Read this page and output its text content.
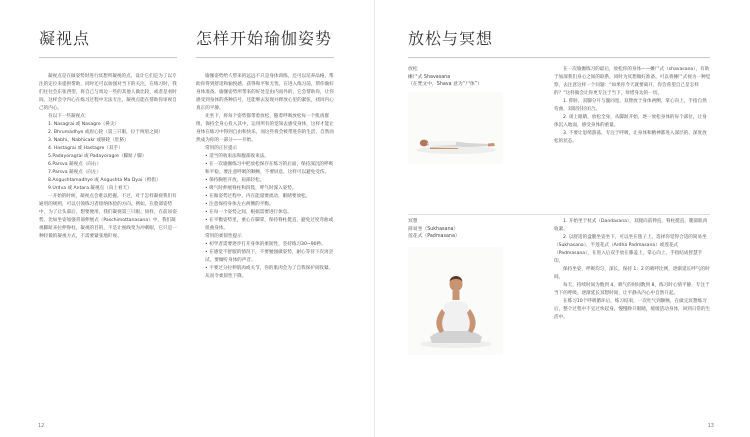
凝视点

凝视点是在做姿势时进行冥想所凝视的点，设计它们是为了以专注的定位来提供帮助，同时还可以加强对当下的关注。在练习时，我们往往会东张西望，将自己与周边一些的其他人做比较，或者是看时间。这样会令内心在练习过程中无法专注，凝视点能在帮助你审视自己的内心。

有以下一些凝视点：

1. Nasagrai 或 Nasagre（鼻尖）

2. Bhrumadhye 或眉心轮（第三只眼，位于两眉之间）

3. Nabhi、Nabhicakr 或脐轮（肚脐）

4. Hastagrai 或 Hastagre（双手）

5.Padayoragrai 或 Padayoragre（脚趾 / 脚）

6.Parsva 凝视点（向右）

7.Parsva 凝视点（向左）

8.Angushtamadhye 或 Angushta Ma Dyai（拇指）

9.Urdva 或 Antara 凝视点（向上看天）

一开始的时候，凝视点会难以把握。不过，对于怎样凝视我们有通用的规则，可以引领练习者接纳体验的方向。例如，在脸部姿势中，为了让头部后，想要便用，我们凝视第三只眼。同样，在前屈姿势，比如坐姿加强背部伸展式（Paschimottanasana）中，我们凝视脚趾来拉伸脊柱。凝视的目的，不是让视线变为冲刺眼，它只是一种轻微的凝视方式，不需要紧张地盯视。

怎样开始瑜伽姿势

瑜伽姿势给人带来的远远不只是身体训练，还可以培养品格，帮助你得到舒适和愉悦感，获得和平和无忧，在进入练习前，帮你做好身体准备。瑜伽姿势所带来的好处是由内而外的，它会帮助你，让你感受到身体的各种信号，还能够去发现并释放心里的紧张，找回内心真正的平静。

先坐下，将每个姿势都带着放松，随着呼吸放松每一个肌肉群组，保持全身心投入其中，运用所有的觉知去感受身体，这样才能让身体在练习中得到自由和快乐，而这些将会被带进你的生活，自然而然成为你的一部分——开始。

常用的正位提示

• 适当的收束法和腹部收束法。

• 在一次瑜伽练习中把放松保存在练习的后面，保持深沉的呼吸和平稳。要注意呼吸的顺畅，不要屏息，这样可以避免受伤。

• 保持胸腔开放，肩部轻松。

• 吸气时伸展脊柱和四肢，呼气时深入姿势。

• 在做姿势过程中，内在能量要流动，眼睛要放松。

• 注意保持身体左右两侧的平衡。

• 在每一个姿势之间，根据需要进行休息。

• 在平衡姿势里，重心在脚掌，保持脊柱挺直，避免过度弯曲或扭曲身体。

常用的柔韧性提示

• 初学者需要逐步打开身体的柔韧性，坚持练习30~90秒。

• 在感觉不舒服的情况下，不要勉强做姿势，耐心等待下次再尝试，要倾听身体的声音。

• 不要过分拉伸肌肉或关节，你的肌肉会为了自我保护而收紧。

从而令柔韧性下降。

12
放松与冥想
放松
摊尸式 Shavasana
（在梵文中，Shava 意为“尸体”）

在一次瑜伽练习的最后，放松你的身体——摊尸式（shavasana），有助于加深我们身心之间的联系，同时为冥想做好准备。可以将摊尸式视为一种觉察，去注意这样一个问题：“如果你今天就要离开，你会希望自己是怎样的？”这样做会让你更专注于当下，珍惜身边的一切。

1. 仰卧，双脚分开与髋同宽，双臂放于身体两侧，掌心向上，手指自然弯曲，双眼轻轻闭合。

2. 闭上眼睛，放松全身，从脚趾开始，逐一放松身体的每个部位，让身体沉入地面，感受身体的重量。

3. 不要让思绪游荡，专注于呼吸，让身体和精神都进入深层的、深度放松的状态。

冥想
简易坐（Sukhasana）
莲花式（Padmasana）

1. 开始坐于杖式（Dandasana），双腿向前伸直，脊柱挺直，腿部肌肉收紧。

2. 以舒适的盘腿坐姿坐下，可以坐在毯子上，选择你觉得合适的简易坐（Sukhasana）、半莲花式（Ardha Padmasana）或莲花式（Padmasana），在进入后双手放在膝盖上，掌心向上，手指结成智慧手印。

保持坐姿，呼吸均匀，深长，保持 1：2 的吸呼比例，逐渐延长呼气的时间。

每天，持续时间为数到 4，吸气的时间数到 8，练习时心情平静，专注于当下的呼吸。逐渐延长冥想时间，让平静从内心中自然升起。

在练习10个呼吸循环后，练习结束，一次吐气到顺畅，在做完冥想练习后，整个过程中不宜过快起身，慢慢睁开眼睛，缓缓活动身体，回到日常的生活中。

13
